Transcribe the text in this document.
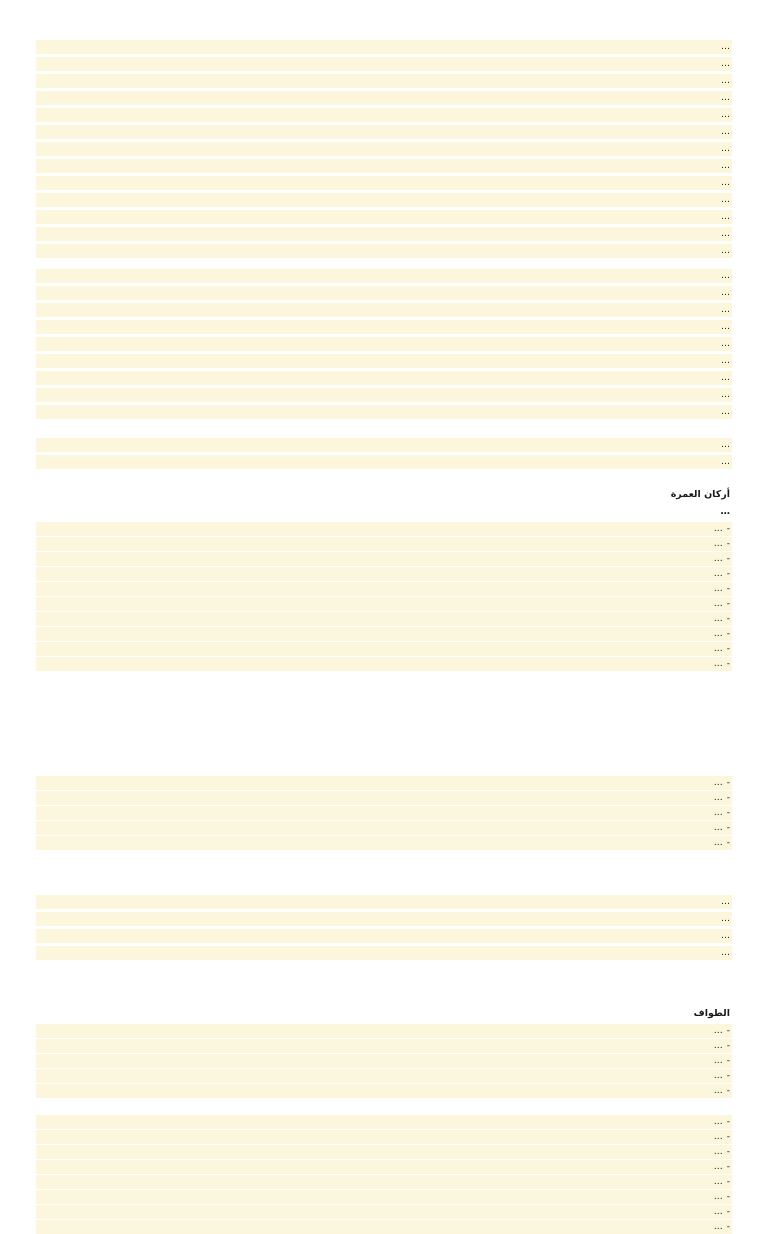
…

…

…

…

…

…

…

…

…

…

…

…

…

…

…

…

…

…

…

…

…

…

…

…

أركان العمرة

…

-…
-…
-…
-…
-…
-…
-…
-…
-…
-…
-…
-…
-…
-…
-…

…

…

…

…

الطواف

-…
-…
-…
-…
-…
-…
-…
-…
-…
-…
-…
-…
-…
